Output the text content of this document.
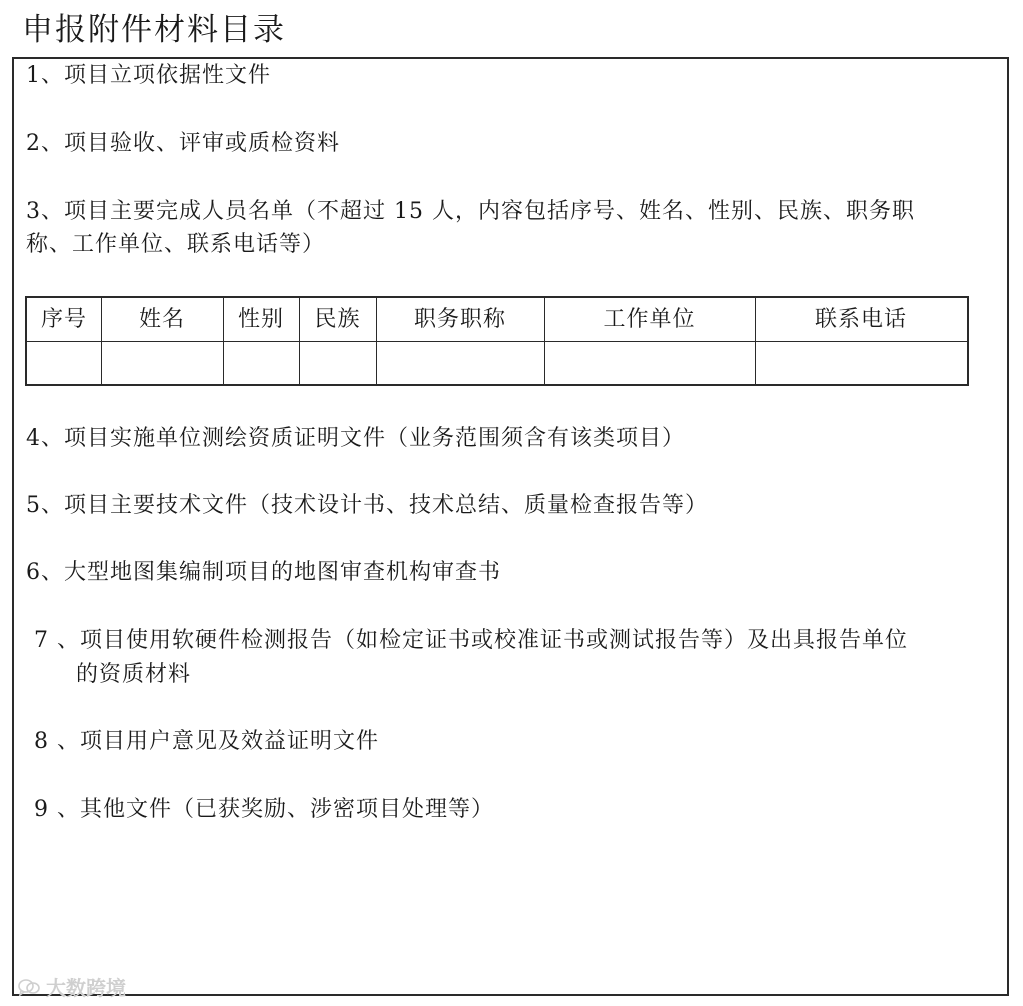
申报附件材料目录
1、项目立项依据性文件
2、项目验收、评审或质检资料
3、项目主要完成人员名单（不超过 15 人，内容包括序号、姓名、性别、民族、职务职
称、工作单位、联系电话等）
序号	姓名	性别	民族	职务职称	工作单位	联系电话
4、项目实施单位测绘资质证明文件（业务范围须含有该类项目）
5、项目主要技术文件（技术设计书、技术总结、质量检查报告等）
6、大型地图集编制项目的地图审查机构审查书
7 、项目使用软硬件检测报告（如检定证书或校准证书或测试报告等）及出具报告单位
的资质材料
8 、项目用户意见及效益证明文件
9 、其他文件（已获奖励、涉密项目处理等）
大数跨境
